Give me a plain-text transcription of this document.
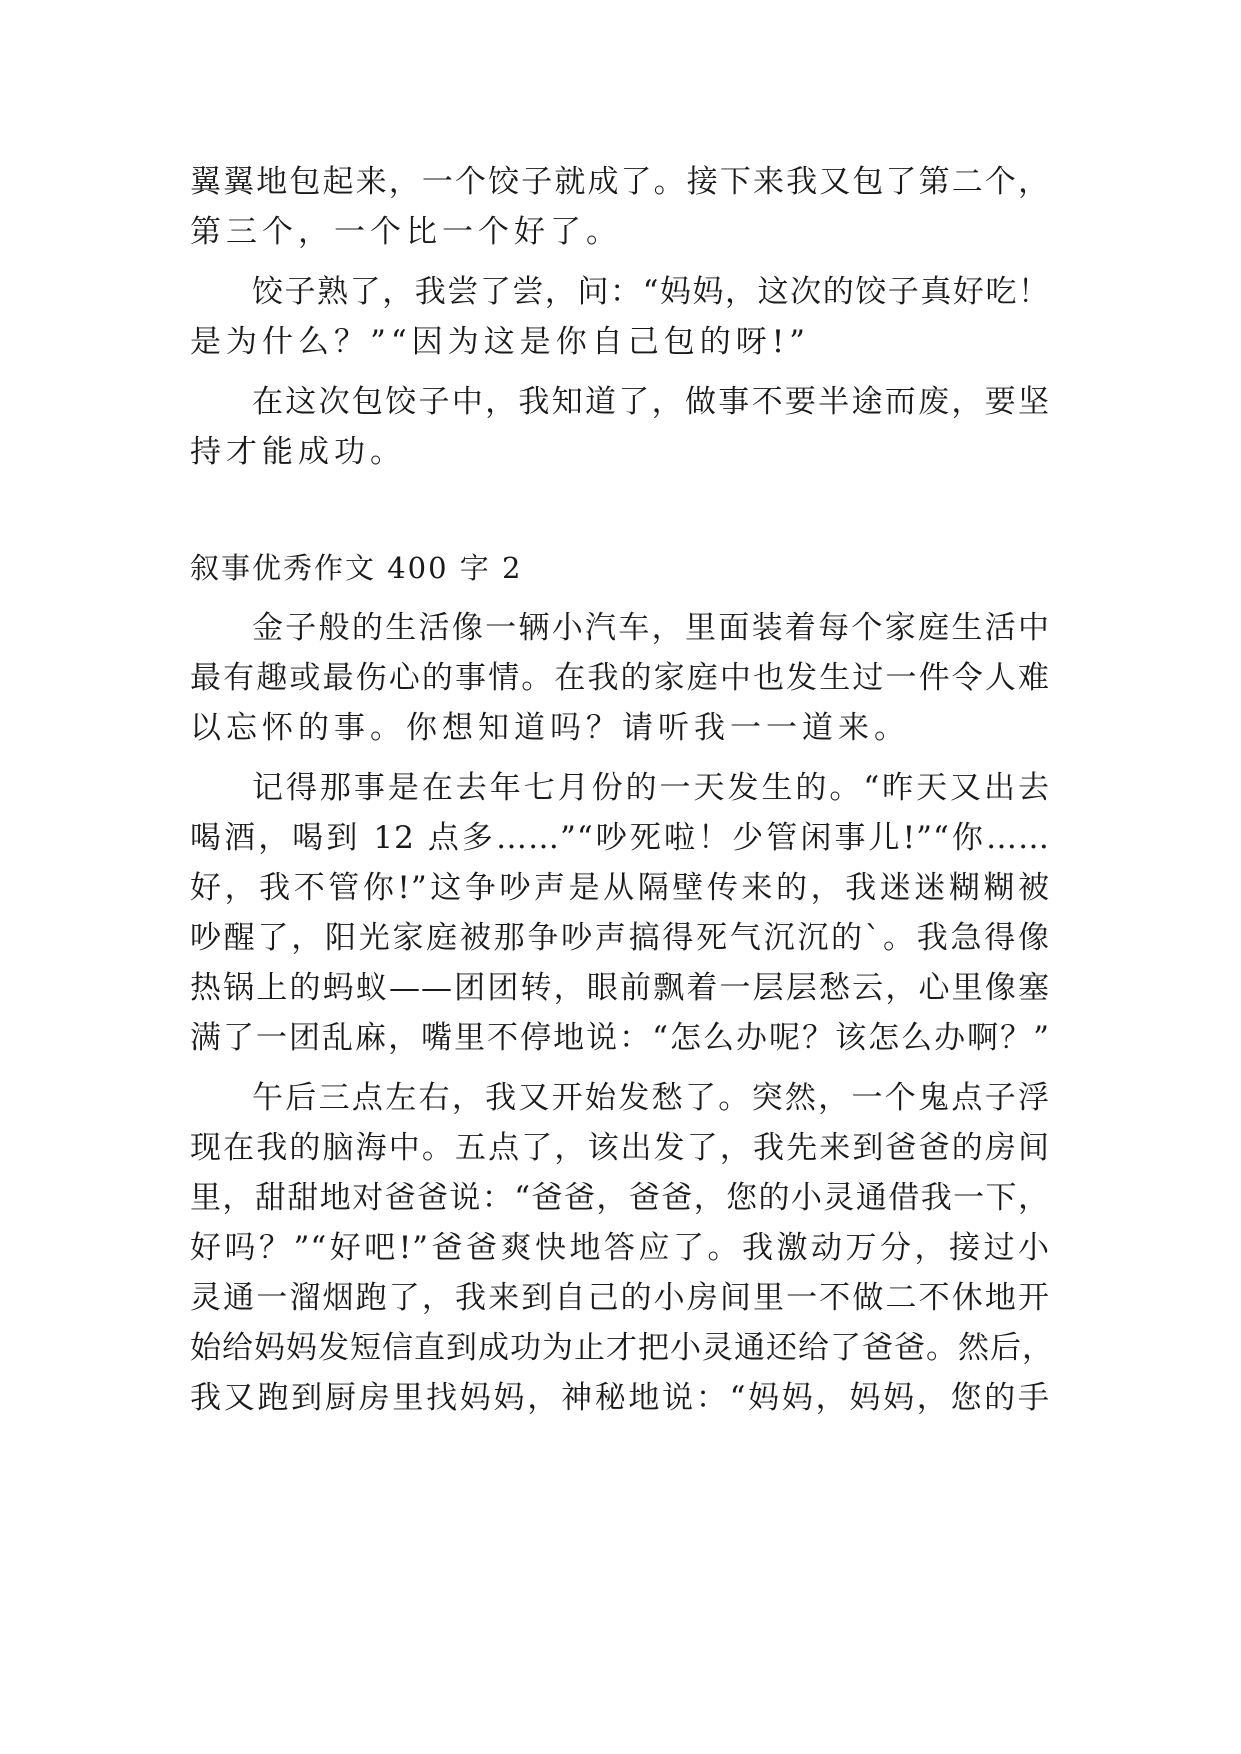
翼翼地包起来，一个饺子就成了。接下来我又包了第二个，
第三个，一个比一个好了。
饺子熟了，我尝了尝，问：“妈妈，这次的饺子真好吃！
是为什么？”“因为这是你自己包的呀!”
在这次包饺子中，我知道了，做事不要半途而废，要坚
持才能成功。
叙事优秀作文 400 字 2
金子般的生活像一辆小汽车，里面装着每个家庭生活中
最有趣或最伤心的事情。在我的家庭中也发生过一件令人难
以忘怀的事。你想知道吗？请听我一一道来。
记得那事是在去年七月份的一天发生的。“昨天又出去
喝酒，喝到 12 点多……”“吵死啦！少管闲事儿!”“你……
好，我不管你!”这争吵声是从隔壁传来的，我迷迷糊糊被
吵醒了，阳光家庭被那争吵声搞得死气沉沉的`。我急得像
热锅上的蚂蚁——团团转，眼前飘着一层层愁云，心里像塞
满了一团乱麻，嘴里不停地说：“怎么办呢？该怎么办啊？”
午后三点左右，我又开始发愁了。突然，一个鬼点子浮
现在我的脑海中。五点了，该出发了，我先来到爸爸的房间
里，甜甜地对爸爸说：“爸爸，爸爸，您的小灵通借我一下，
好吗？”“好吧!”爸爸爽快地答应了。我激动万分，接过小
灵通一溜烟跑了，我来到自己的小房间里一不做二不休地开
始给妈妈发短信直到成功为止才把小灵通还给了爸爸。然后，
我又跑到厨房里找妈妈，神秘地说：“妈妈，妈妈，您的手
